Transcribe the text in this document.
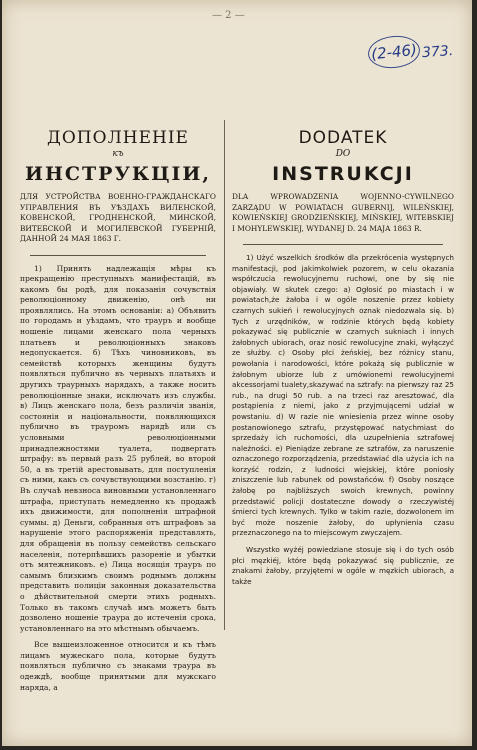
— 2 —
(2-46) 373.

ДОПОЛНЕНІЕ

къ

ИНСТРУКЦІИ,

ДЛЯ УСТРОЙСТВА ВОЕННО-ГРАЖДАНСКАГО УПРАВЛЕНИЯ ВЪ УѢЗДАХЪ ВИЛЕНСКОЙ, КОВЕНСКОЙ, ГРОДНЕНСКОЙ, МИНСКОЙ, ВИТЕБСКОЙ И МОГИЛЕВСКОЙ ГУБЕРНІЙ, ДАННОЙ 24 МАЯ 1863 Г.

1) Принять надлежащія мѣры къ прекращенію преступныхъ манифестацій, въ какомъ бы родѣ, для показанія сочувствія революціонному движенію, онѣ ни проявлялись. На этомъ основаніи: а) Объявить по городамъ и уѣздамъ, что трауръ и вообще ношеніе лицами женскаго пола черныхъ платьевъ и революціонныхъ знаковъ недопускается. б) Тѣхъ чиновниковъ, въ семействѣ которыхъ женщины будутъ появляться публично въ черныхъ платьяхъ и другихъ траурныхъ нарядахъ, а также носить революціонные знаки, исключать изъ службы. в) Лицъ женскаго пола, безъ различія званія, состоянія и національности, появляющихся публично въ трауромъ нарядѣ или съ условными революціонными принадлежностями туалета, подвергать штрафу: въ первый разъ 25 рублей, во второй 50, а въ третій арестовывать, для поступленія съ ними, какъ съ сочувствующими возстанію. г) Въ случаѣ невзноса виновными установленнаго штрафа, приступать немедленно къ продажѣ ихъ движимости, для пополненія штрафной суммы. д) Деньги, собранныя отъ штрафовъ за нарушеніе этого распоряженія представлять, для обращенія въ пользу семействъ сельскаго населенія, потерпѣвшихъ разореніе и убытки отъ мятежниковъ. е) Лица носящія трауръ по самымъ близкимъ своимъ роднымъ должны представить полиціи законныя доказательства о дѣйствительной смерти этихъ родныхъ. Только въ такомъ случаѣ имъ можетъ быть дозволено ношеніе траура до истеченія срока, установленнаго на это мѣстнымъ обычаемъ.

Все вышеизложенное относится и къ тѣмъ лицамъ мужескаго пола, которые будутъ появляться публично съ знаками траура въ одеждѣ, вообще принятыми для мужскаго наряда, а

DODATEK

DO

INSTRUKCJI

DLA WPROWADZENIA WOJENNO-CYWILNEGO ZARZĄDU W POWIATACH GUBERNIJ, WILEŃSKIEJ, KOWIEŃSKIEJ GRODZIEŃSKIEJ, MIŃSKIEJ, WITEBSKIEJ I MOHYLEWSKIEJ, WYDANEJ D. 24 MAJA 1863 R.

1) Użyć wszelkich środków dla przekrócenia występnych manifestacji, pod jakimkolwiek pozorem, w celu okazania współczucia rewolucyjnemu ruchowi, one by się nie objawiały. W skutek czego: a) Ogłosić po miastach i w powiatach,że żałoba i w ogóle noszenie przez kobiety czarnych sukień i rewolucyjnych oznak niedozwala się. b) Tych z urzędników, w rodzinie których będą kobiety pokazywać się publicznie w czarnych sukniach i innych żałobnych ubiorach, oraz nosić rewolucyjne znaki, wyłączyć ze służby. c) Osoby płci żeńskiej, bez różnicy stanu, powołania i narodowości, które pokażą się publicznie w żałobnym ubiorze lub z umówionemi rewolucyjnemi akcessorjami tualety,skazywać na sztrafy: na pierwszy raz 25 rub., na drugi 50 rub. a na trzeci raz aresztować, dla postąpienia z niemi, jako z przyjmującemi udział w powstaniu. d) W razie nie wniesienia przez winne osoby postanowionego sztrafu, przystępować natychmiast do sprzedaży ich ruchomości, dla uzupełnienia sztrafowej należności. e) Pieniądze zebrane ze sztrafów, za naruszenie oznaczonego rozporządzenia, przedstawiać dla użycia ich na korzyść rodzin, z ludności wiejskiej, które poniosły zniszczenie lub rabunek od powstańców. f) Osoby noszące żałobę po najbliższych swoich krewnych, powinny przedstawić policji dostateczne dowody o rzeczywistéj śmierci tych krewnych. Tylko w takim razie, dozwolonem im być może noszenie żałoby, do upłynienia czasu przeznaczonego na to miejscowym zwyczajem.

Wszystko wyżéj powiedziane stosuje się i do tych osób płci męzkiéj, które będą pokazywać się publicznie, ze znakami żałoby, przyjętemi w ogóle w męzkich ubiorach, a także
